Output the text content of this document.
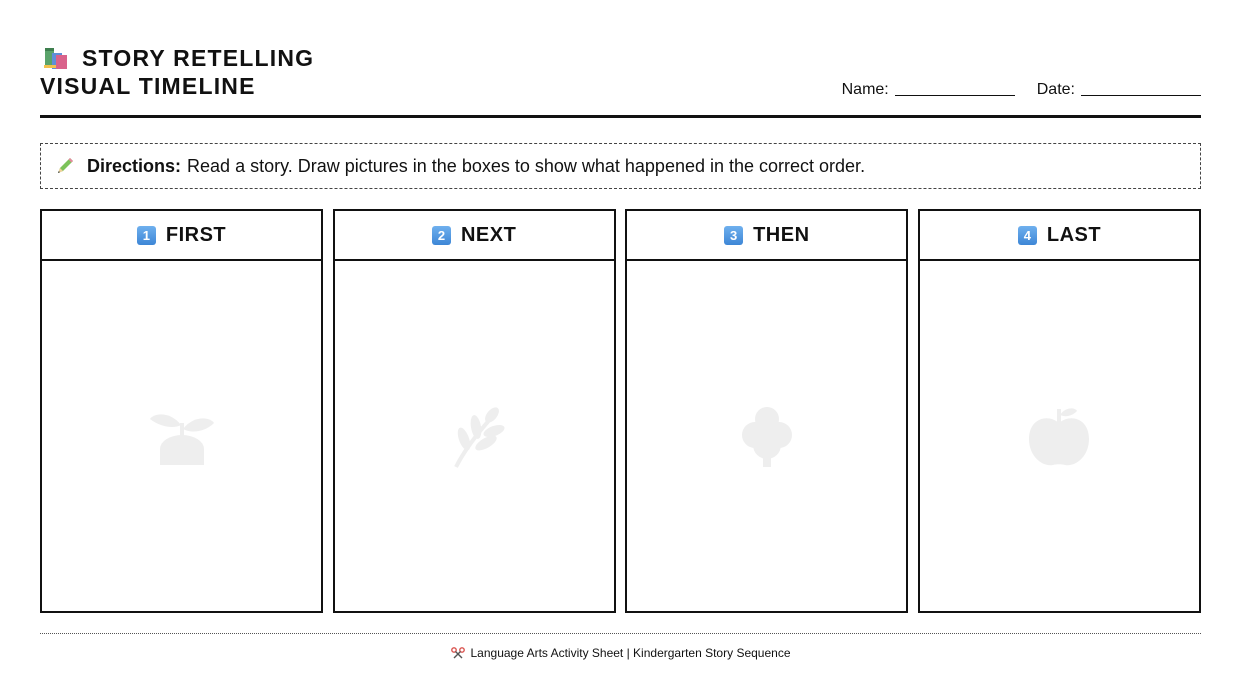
STORY RETELLING
VISUAL TIMELINE	Name:	Date:
Directions: Read a story. Draw pictures in the boxes to show what happened in the correct order.
1 FIRST	2 NEXT	3 THEN	4 LAST
Language Arts Activity Sheet | Kindergarten Story Sequence
